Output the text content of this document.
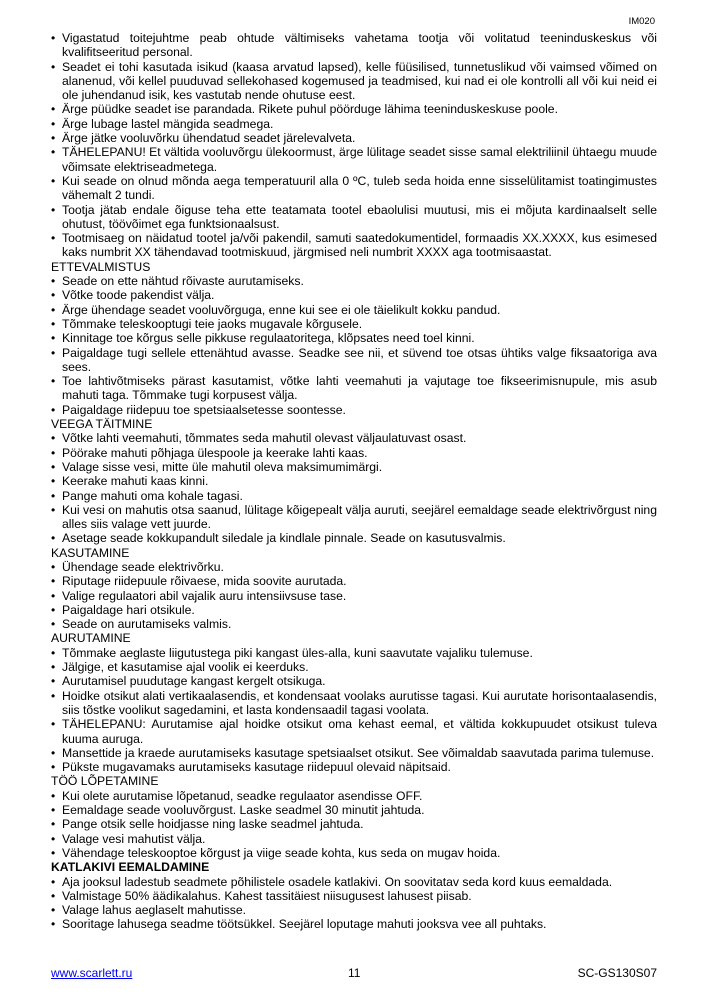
IM020
• Vigastatud toitejuhtme peab ohtude vältimiseks vahetama tootja või volitatud teeninduskeskus või kvalifitseeritud personal.
• Seadet ei tohi kasutada isikud (kaasa arvatud lapsed), kelle füüsilised, tunnetuslikud või vaimsed võimed on alanenud, või kellel puuduvad sellekohased kogemused ja teadmised, kui nad ei ole kontrolli all või kui neid ei ole juhendanud isik, kes vastutab nende ohutuse eest.
• Ärge püüdke seadet ise parandada. Rikete puhul pöörduge lähima teeninduskeskuse poole.
• Ärge lubage lastel mängida seadmega.
• Ärge jätke vooluvõrku ühendatud seadet järelevalveta.
• TÄHELEPANU! Et vältida vooluvõrgu ülekoormust, ärge lülitage seadet sisse samal elektriliinil ühtaegu muude võimsate elektriseadmetega.
• Kui seade on olnud mõnda aega temperatuuril alla 0 ºC, tuleb seda hoida enne sisselülitamist toatingimustes vähemalt 2 tundi.
• Tootja jätab endale õiguse teha ette teatamata tootel ebaolulisi muutusi, mis ei mõjuta kardinaalselt selle ohutust, töövõimet ega funktsionaalsust.
• Tootmisaeg on näidatud tootel ja/või pakendil, samuti saatedokumentidel, formaadis XX.XXXX, kus esimesed kaks numbrit XX tähendavad tootmiskuud, järgmised neli numbrit XXXX aga tootmisaastat.
ETTEVALMISTUS
• Seade on ette nähtud rõivaste aurutamiseks.
• Võtke toode pakendist välja.
• Ärge ühendage seadet vooluvõrguga, enne kui see ei ole täielikult kokku pandud.
• Tõmmake teleskooptugi teie jaoks mugavale kõrgusele.
• Kinnitage toe kõrgus selle pikkuse regulaatoritega, klõpsates need toel kinni.
• Paigaldage tugi sellele ettenähtud avasse. Seadke see nii, et süvend toe otsas ühtiks valge fiksaatoriga ava sees.
• Toe lahtivõtmiseks pärast kasutamist, võtke lahti veemahuti ja vajutage toe fikseerimisnupule, mis asub mahuti taga. Tõmmake tugi korpusest välja.
• Paigaldage riidepuu toe spetsiaalsetesse soontesse.
VEEGA TÄITMINE
• Võtke lahti veemahuti, tõmmates seda mahutil olevast väljaulatuvast osast.
• Pöörake mahuti põhjaga ülespoole ja keerake lahti kaas.
• Valage sisse vesi, mitte üle mahutil oleva maksimumimärgi.
• Keerake mahuti kaas kinni.
• Pange mahuti oma kohale tagasi.
• Kui vesi on mahutis otsa saanud, lülitage kõigepealt välja auruti, seejärel eemaldage seade elektrivõrgust ning alles siis valage vett juurde.
• Asetage seade kokkupandult siledale ja kindlale pinnale. Seade on kasutusvalmis.
KASUTAMINE
• Ühendage seade elektrivõrku.
• Riputage riidepuule rõivaese, mida soovite aurutada.
• Valige regulaatori abil vajalik auru intensiivsuse tase.
• Paigaldage hari otsikule.
• Seade on aurutamiseks valmis.
AURUTAMINE
• Tõmmake aeglaste liigutustega piki kangast üles-alla, kuni saavutate vajaliku tulemuse.
• Jälgige, et kasutamise ajal voolik ei keerduks.
• Aurutamisel puudutage kangast kergelt otsikuga.
• Hoidke otsikut alati vertikaalasendis, et kondensaat voolaks aurutisse tagasi. Kui aurutate horisontaalasendis, siis tõstke voolikut sagedamini, et lasta kondensaadil tagasi voolata.
• TÄHELEPANU: Aurutamise ajal hoidke otsikut oma kehast eemal, et vältida kokkupuudet otsikust tuleva kuuma auruga.
• Mansettide ja kraede aurutamiseks kasutage spetsiaalset otsikut. See võimaldab saavutada parima tulemuse.
• Pükste mugavamaks aurutamiseks kasutage riidepuul olevaid näpitsaid.
TÖÖ LÕPETAMINE
• Kui olete aurutamise lõpetanud, seadke regulaator asendisse OFF.
• Eemaldage seade vooluvõrgust. Laske seadmel 30 minutit jahtuda.
• Pange otsik selle hoidjasse ning laske seadmel jahtuda.
• Valage vesi mahutist välja.
• Vähendage teleskooptoe kõrgust ja viige seade kohta, kus seda on mugav hoida.
KATLAKIVI EEMALDAMINE
• Aja jooksul ladestub seadmete põhilistele osadele katlakivi. On soovitatav seda kord kuus eemaldada.
• Valmistage 50% äädikalahus. Kahest tassitäiest niisugusest lahusest piisab.
• Valage lahus aeglaselt mahutisse.
• Sooritage lahusega seadme töötsükkel. Seejärel loputage mahuti jooksva vee all puhtaks.
www.scarlett.ru	11	SC-GS130S07
